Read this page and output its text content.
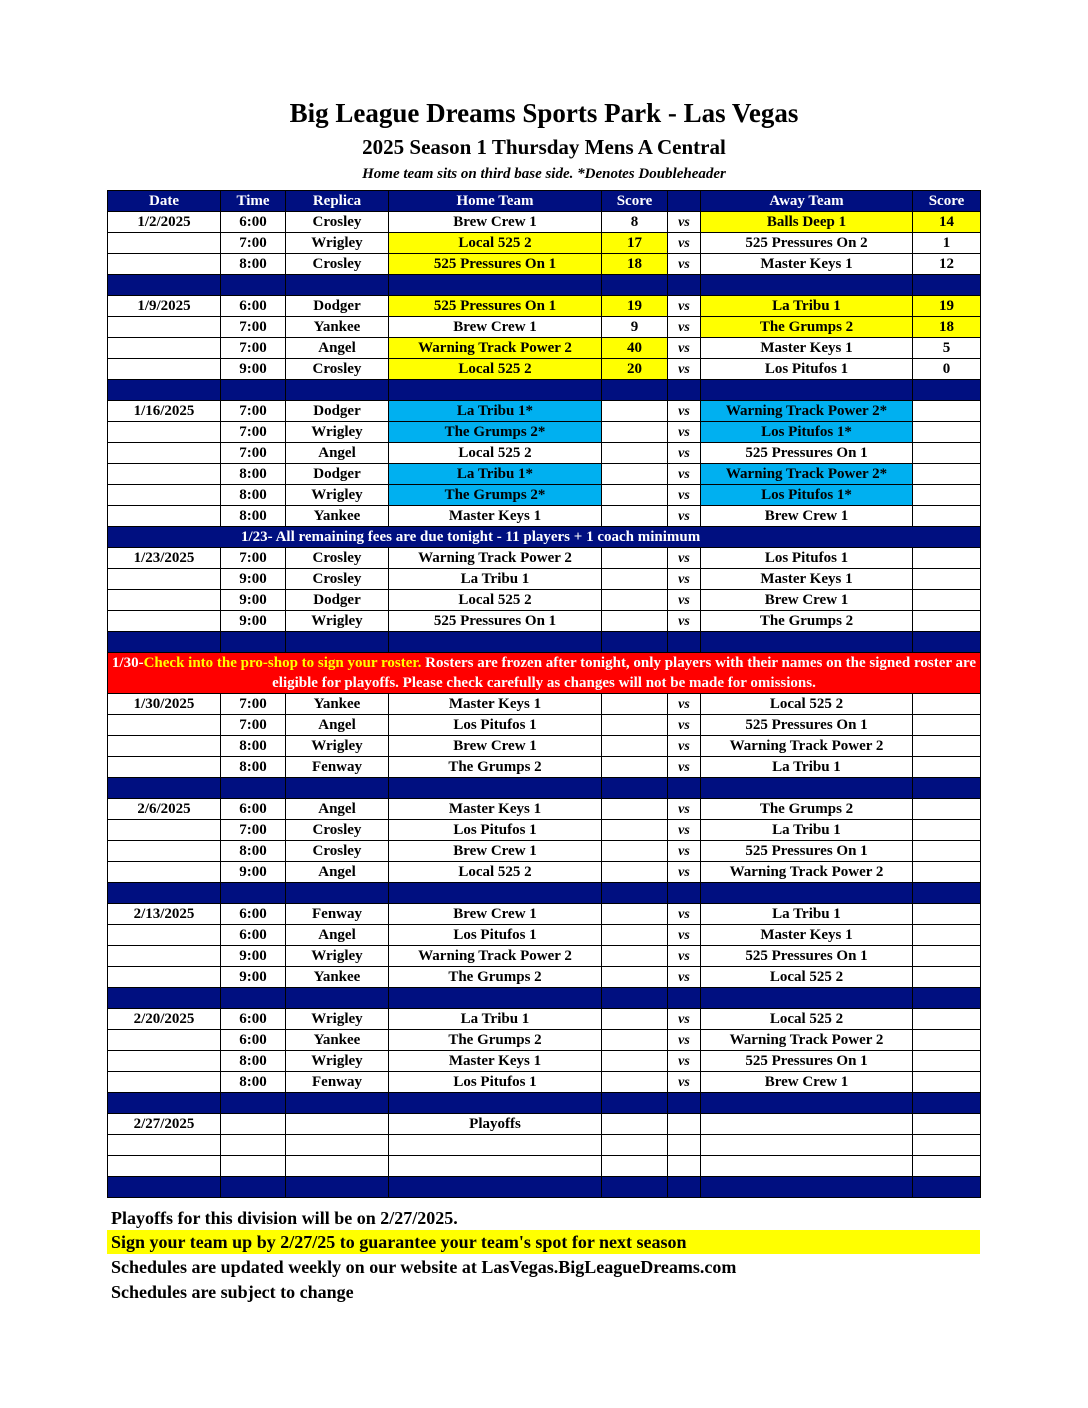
Big League Dreams Sports Park - Las Vegas
2025 Season 1 Thursday Mens A Central
Home team sits on third base side. *Denotes Doubleheader
Date	Time	Replica	Home Team	Score		Away Team	Score
1/2/2025	6:00	Crosley	Brew Crew 1	8	vs	Balls Deep 1	14
	7:00	Wrigley	Local 525 2	17	vs	525 Pressures On 2	1
	8:00	Crosley	525 Pressures On 1	18	vs	Master Keys 1	12

1/9/2025	6:00	Dodger	525 Pressures On 1	19	vs	La Tribu 1	19
	7:00	Yankee	Brew Crew 1	9	vs	The Grumps 2	18
	7:00	Angel	Warning Track Power 2	40	vs	Master Keys 1	5
	9:00	Crosley	Local 525 2	20	vs	Los Pitufos 1	0

1/16/2025	7:00	Dodger	La Tribu 1*		vs	Warning Track Power 2*	
	7:00	Wrigley	The Grumps 2*		vs	Los Pitufos 1*	
	7:00	Angel	Local 525 2		vs	525 Pressures On 1	
	8:00	Dodger	La Tribu 1*		vs	Warning Track Power 2*	
	8:00	Wrigley	The Grumps 2*		vs	Los Pitufos 1*	
	8:00	Yankee	Master Keys 1		vs	Brew Crew 1	
1/23- All remaining fees are due tonight - 11 players + 1 coach minimum							
1/23/2025	7:00	Crosley	Warning Track Power 2		vs	Los Pitufos 1	
	9:00	Crosley	La Tribu 1		vs	Master Keys 1	
	9:00	Dodger	Local 525 2		vs	Brew Crew 1	
	9:00	Wrigley	525 Pressures On 1		vs	The Grumps 2	

1/30-Check into the pro-shop to sign your roster. Rosters are frozen after tonight, only players with their names on the signed roster are eligible for playoffs. Please check carefully as changes will not be made for omissions.							
1/30/2025	7:00	Yankee	Master Keys 1		vs	Local 525 2	
	7:00	Angel	Los Pitufos 1		vs	525 Pressures On 1	
	8:00	Wrigley	Brew Crew 1		vs	Warning Track Power 2	
	8:00	Fenway	The Grumps 2		vs	La Tribu 1	

2/6/2025	6:00	Angel	Master Keys 1		vs	The Grumps 2	
	7:00	Crosley	Los Pitufos 1		vs	La Tribu 1	
	8:00	Crosley	Brew Crew 1		vs	525 Pressures On 1	
	9:00	Angel	Local 525 2		vs	Warning Track Power 2	

2/13/2025	6:00	Fenway	Brew Crew 1		vs	La Tribu 1	
	6:00	Angel	Los Pitufos 1		vs	Master Keys 1	
	9:00	Wrigley	Warning Track Power 2		vs	525 Pressures On 1	
	9:00	Yankee	The Grumps 2		vs	Local 525 2	

2/20/2025	6:00	Wrigley	La Tribu 1		vs	Local 525 2	
	6:00	Yankee	The Grumps 2		vs	Warning Track Power 2	
	8:00	Wrigley	Master Keys 1		vs	525 Pressures On 1	
	8:00	Fenway	Los Pitufos 1		vs	Brew Crew 1	

2/27/2025			Playoffs				

Playoffs for this division will be on 2/27/2025.
Sign your team up by 2/27/25 to guarantee your team's spot for next season
Schedules are updated weekly on our website at LasVegas.BigLeagueDreams.com
Schedules are subject to change
